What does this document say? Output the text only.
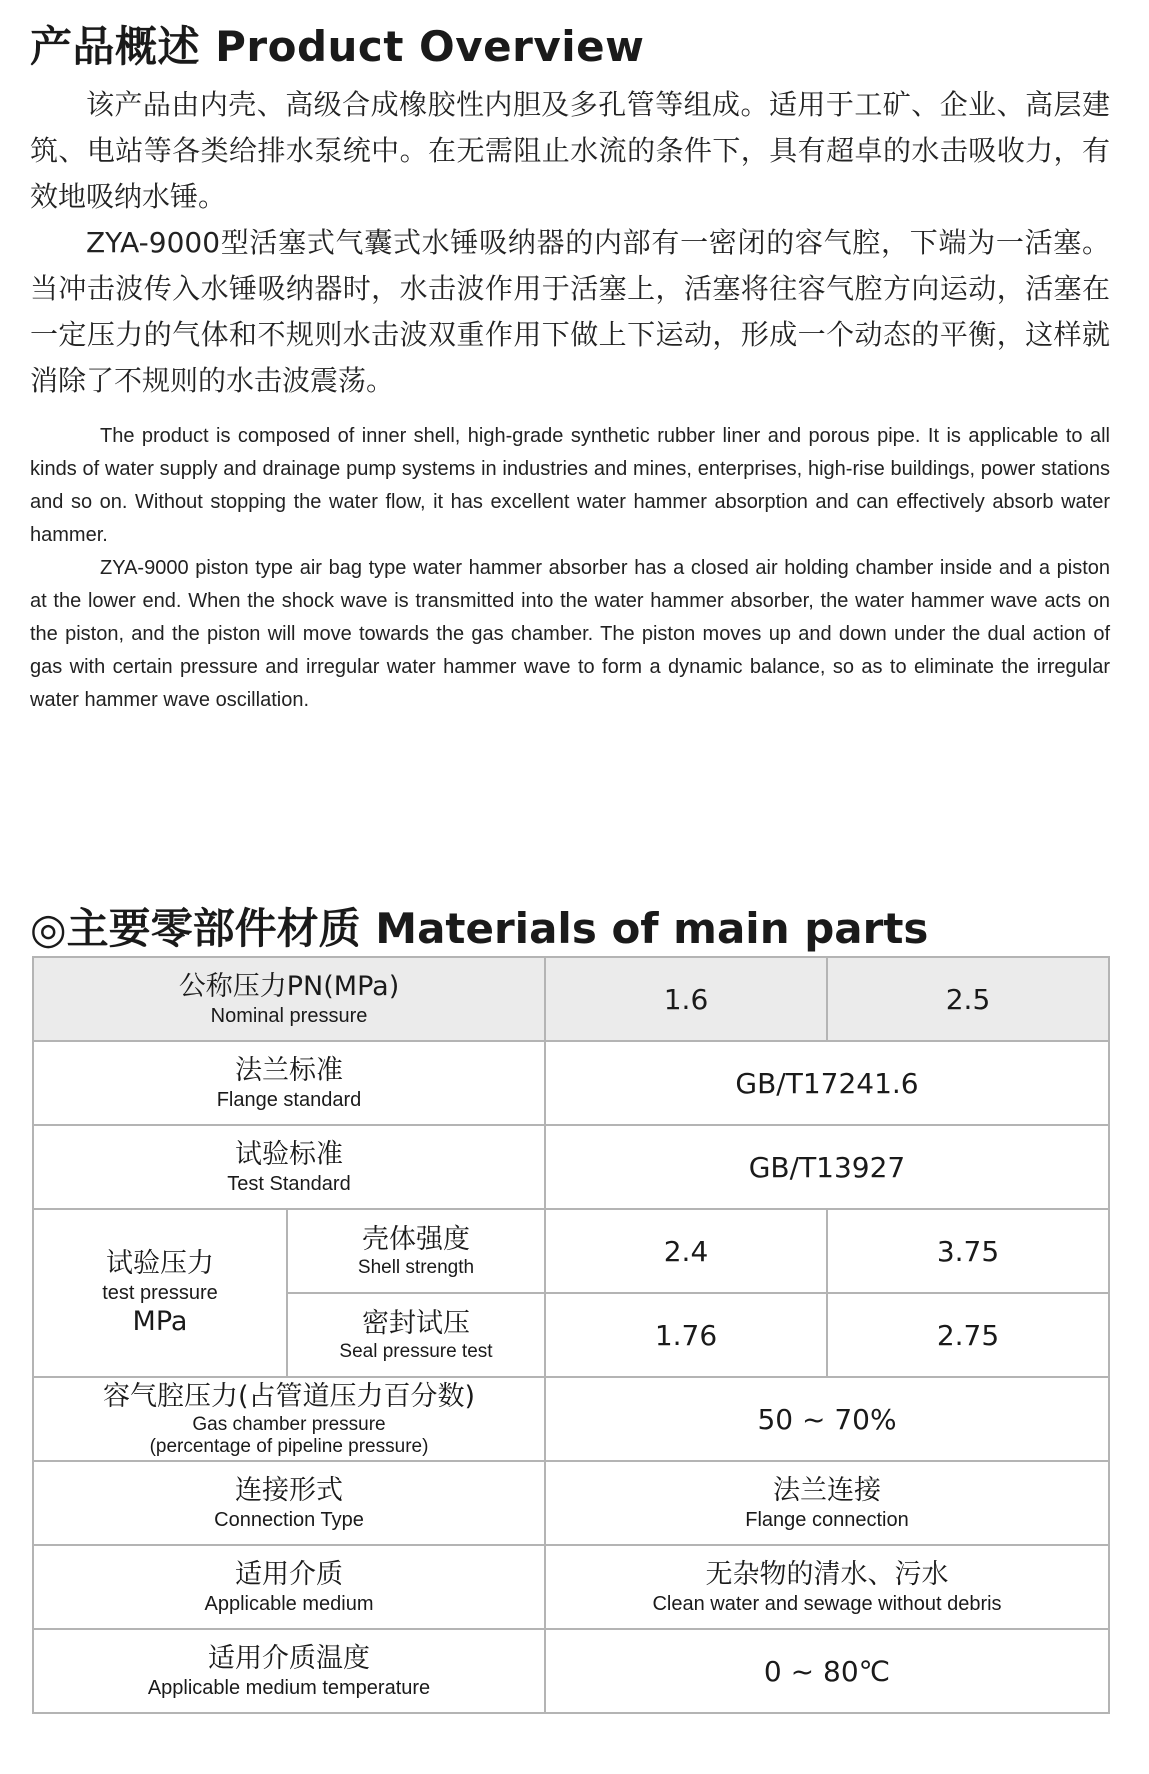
产品概述 Product Overview

该产品由内壳、高级合成橡胶性内胆及多孔管等组成。适用于工矿、企业、高层建筑、电站等各类给排水泵统中。在无需阻止水流的条件下，具有超卓的水击吸收力，有效地吸纳水锤。

ZYA-9000型活塞式气囊式水锤吸纳器的内部有一密闭的容气腔，下端为一活塞。当冲击波传入水锤吸纳器时，水击波作用于活塞上，活塞将往容气腔方向运动，活塞在一定压力的气体和不规则水击波双重作用下做上下运动，形成一个动态的平衡，这样就消除了不规则的水击波震荡。

The product is composed of inner shell, high-grade synthetic rubber liner and porous pipe. It is applicable to all kinds of water supply and drainage pump systems in industries and mines, enterprises, high-rise buildings, power stations and so on. Without stopping the water flow, it has excellent water hammer absorption and can effectively absorb water hammer.

ZYA-9000 piston type air bag type water hammer absorber has a closed air holding chamber inside and a piston at the lower end. When the shock wave is transmitted into the water hammer absorber, the water hammer wave acts on the piston, and the piston will move towards the gas chamber. The piston moves up and down under the dual action of gas with certain pressure and irregular water hammer wave to form a dynamic balance, so as to eliminate the irregular water hammer wave oscillation.

◎主要零部件材质 Materials of main parts
公称压力PN(MPa)
Nominal pressure		1.6	2.5

法兰标准
Flange standard		GB/T17241.6	

试验标准
Test Standard		GB/T13927	

试验压力
test pressure
MPa	壳体强度
Shell strength	2.4	3.75

	密封试压
Seal pressure test	1.76	2.75

容气腔压力(占管道压力百分数)
Gas chamber pressure
(percentage of pipeline pressure)		50 ~ 70%	

连接形式
Connection Type		法兰连接
Flange connection	

适用介质
Applicable medium		无杂物的清水、污水
Clean water and sewage without debris	

适用介质温度
Applicable medium temperature		0 ~ 80℃	
